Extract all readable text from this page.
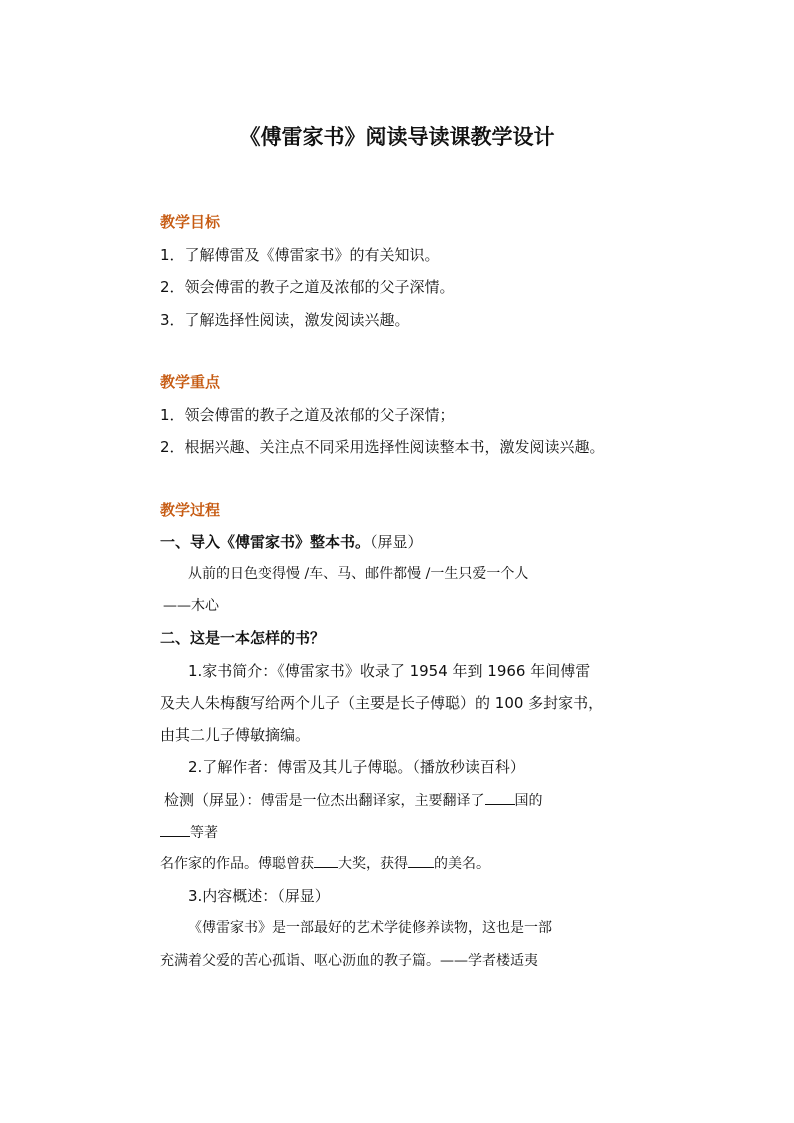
《傅雷家书》阅读导读课教学设计
教学目标
1．了解傅雷及《傅雷家书》的有关知识。
2．领会傅雷的教子之道及浓郁的父子深情。
3．了解选择性阅读，激发阅读兴趣。
教学重点
1．领会傅雷的教子之道及浓郁的父子深情；
2．根据兴趣、关注点不同采用选择性阅读整本书，激发阅读兴趣。
教学过程
一、导入《傅雷家书》整本书。（屏显）
从前的日色变得慢 /车、马、邮件都慢 /一生只爱一个人
——木心
二、这是一本怎样的书？
1.家书简介：《傅雷家书》收录了 1954 年到 1966 年间傅雷
及夫人朱梅馥写给两个儿子（主要是长子傅聪）的 100 多封家书，
由其二儿子傅敏摘编。
2.了解作者：傅雷及其儿子傅聪。（播放秒读百科）
检测（屏显）：傅雷是一位杰出翻译家，主要翻译了 国的
等著
名作家的作品。傅聪曾获 大奖，获得 的美名。
3.内容概述：（屏显）
《傅雷家书》是一部最好的艺术学徒修养读物，这也是一部
充满着父爱的苦心孤诣、呕心沥血的教子篇。——学者楼适夷
